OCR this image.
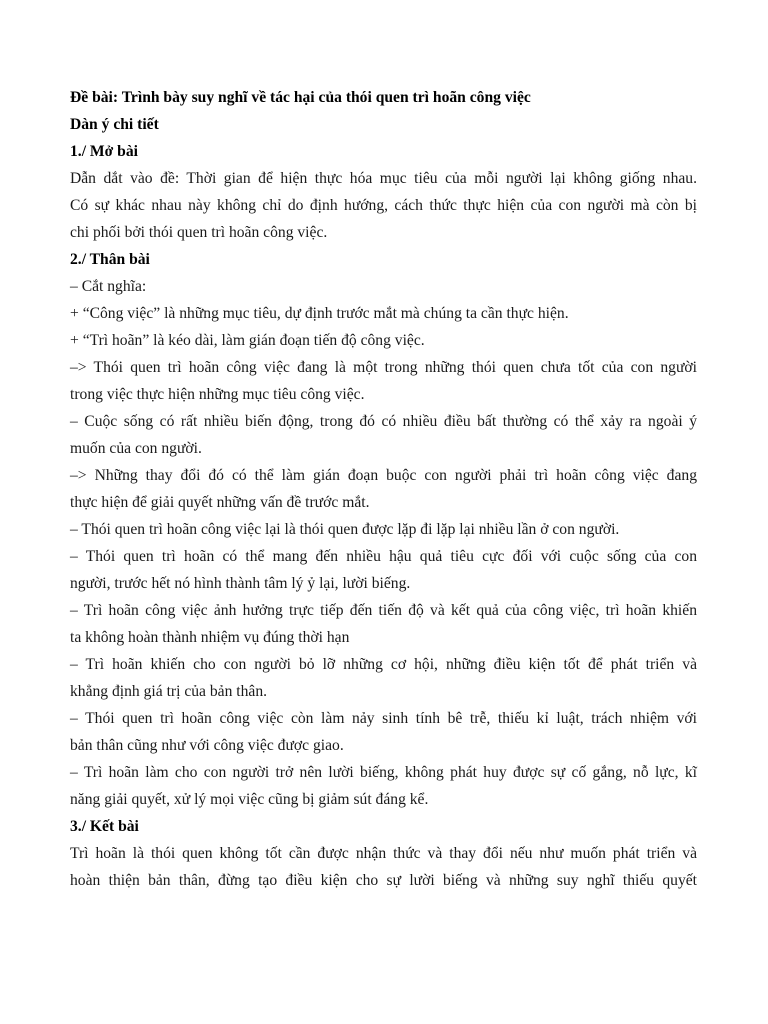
Đề bài: Trình bày suy nghĩ về tác hại của thói quen trì hoãn công việc
Dàn ý chi tiết
1./ Mở bài
Dẫn dắt vào đề: Thời gian để hiện thực hóa mục tiêu của mỗi người lại không giống nhau.
Có sự khác nhau này không chỉ do định hướng, cách thức thực hiện của con người mà còn bị
chi phối bởi thói quen trì hoãn công việc.
2./ Thân bài
– Cắt nghĩa:
+ “Công việc” là những mục tiêu, dự định trước mắt mà chúng ta cần thực hiện.
+ “Trì hoãn” là kéo dài, làm gián đoạn tiến độ công việc.
–> Thói quen trì hoãn công việc đang là một trong những thói quen chưa tốt của con người
trong việc thực hiện những mục tiêu công việc.
– Cuộc sống có rất nhiều biến động, trong đó có nhiều điều bất thường có thể xảy ra ngoài ý
muốn của con người.
–> Những thay đổi đó có thể làm gián đoạn buộc con người phải trì hoãn công việc đang
thực hiện để giải quyết những vấn đề trước mắt.
– Thói quen trì hoãn công việc lại là thói quen được lặp đi lặp lại nhiều lần ở con người.
– Thói quen trì hoãn có thể mang đến nhiều hậu quả tiêu cực đối với cuộc sống của con
người, trước hết nó hình thành tâm lý ỷ lại, lười biếng.
– Trì hoãn công việc ảnh hưởng trực tiếp đến tiến độ và kết quả của công việc, trì hoãn khiến
ta không hoàn thành nhiệm vụ đúng thời hạn
– Trì hoãn khiến cho con người bỏ lỡ những cơ hội, những điều kiện tốt để phát triển và
khẳng định giá trị của bản thân.
– Thói quen trì hoãn công việc còn làm nảy sinh tính bê trễ, thiếu kỉ luật, trách nhiệm với
bản thân cũng như với công việc được giao.
– Trì hoãn làm cho con người trở nên lười biếng, không phát huy được sự cố gắng, nỗ lực, kĩ
năng giải quyết, xử lý mọi việc cũng bị giảm sút đáng kể.
3./ Kết bài
Trì hoãn là thói quen không tốt cần được nhận thức và thay đổi nếu như muốn phát triển và
hoàn thiện bản thân, đừng tạo điều kiện cho sự lười biếng và những suy nghĩ thiếu quyết
